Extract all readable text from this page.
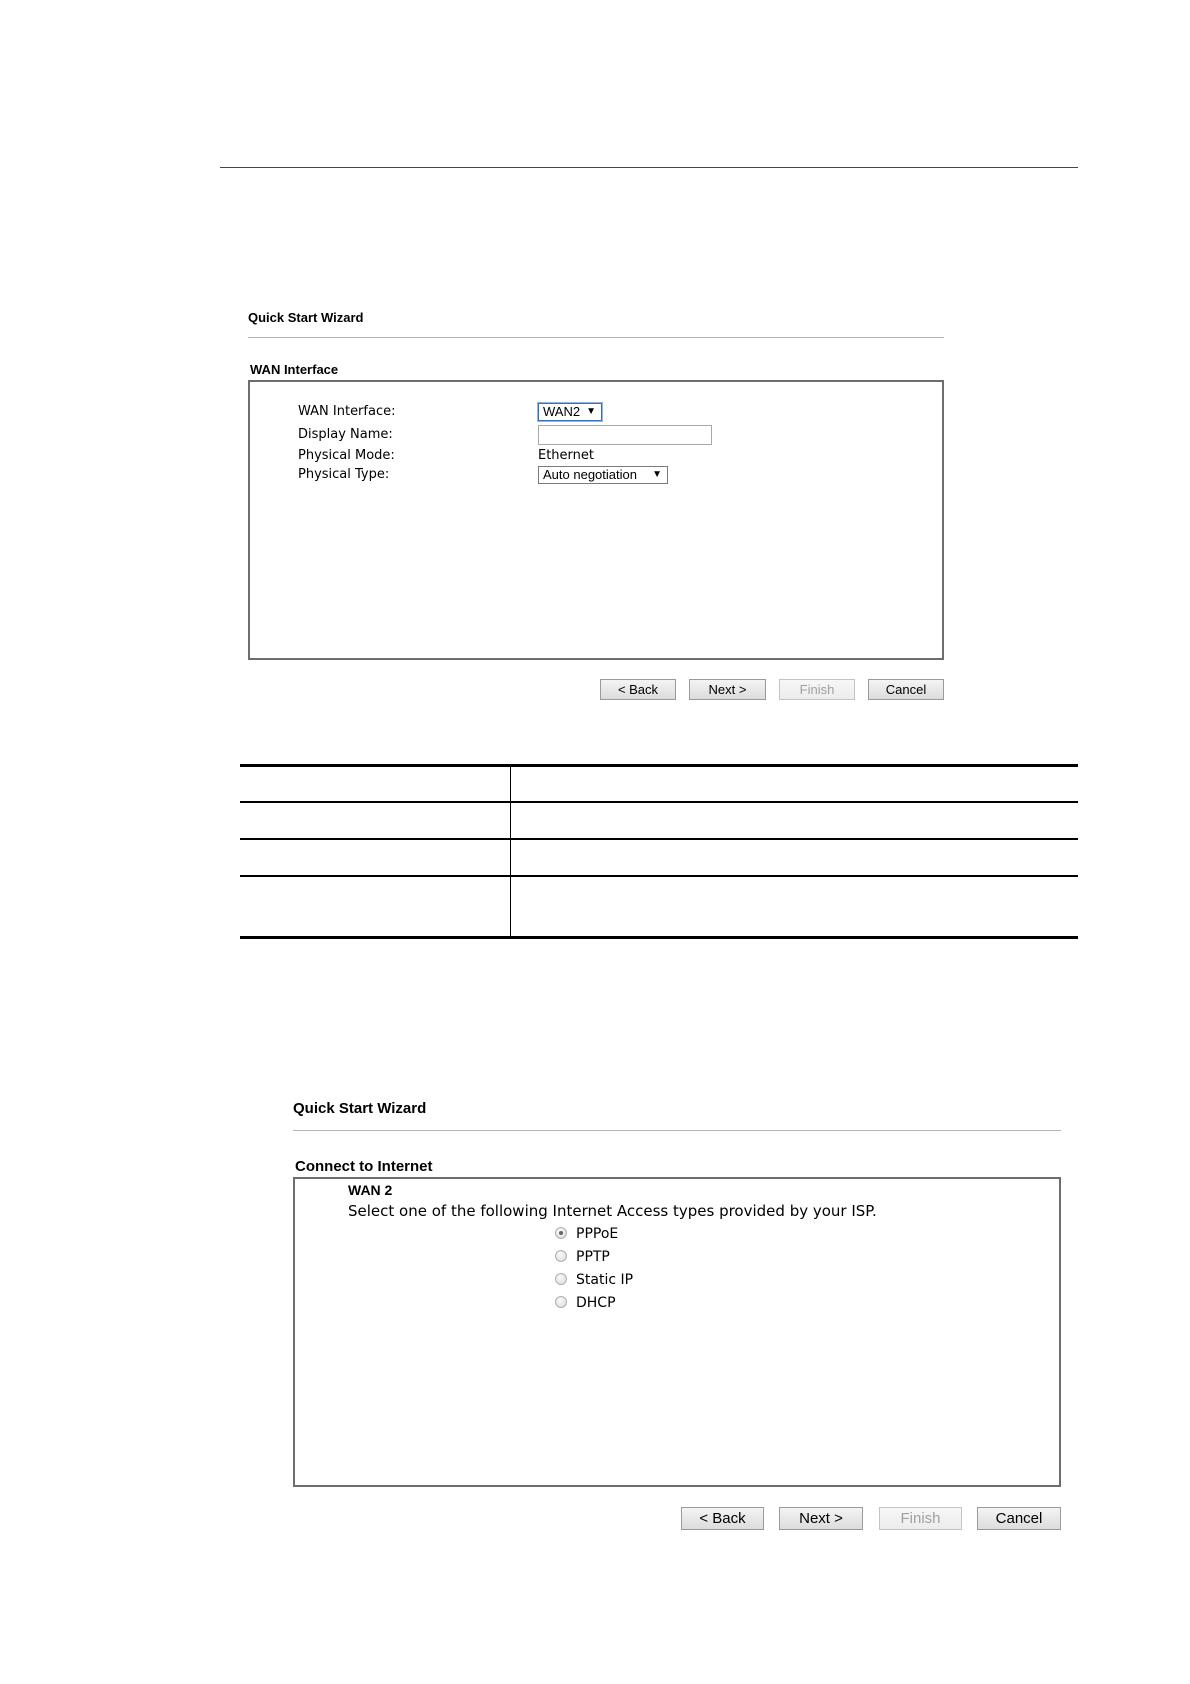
Quick Start Wizard
WAN Interface
WAN Interface:	WAN2 ▼
Display Name:
Physical Mode:	Ethernet
Physical Type:	Auto negotiation ▼
< Back	Next >	Finish	Cancel
Quick Start Wizard
Connect to Internet
WAN 2
Select one of the following Internet Access types provided by your ISP.
PPPoE
PPTP
Static IP
DHCP
< Back	Next >	Finish	Cancel
